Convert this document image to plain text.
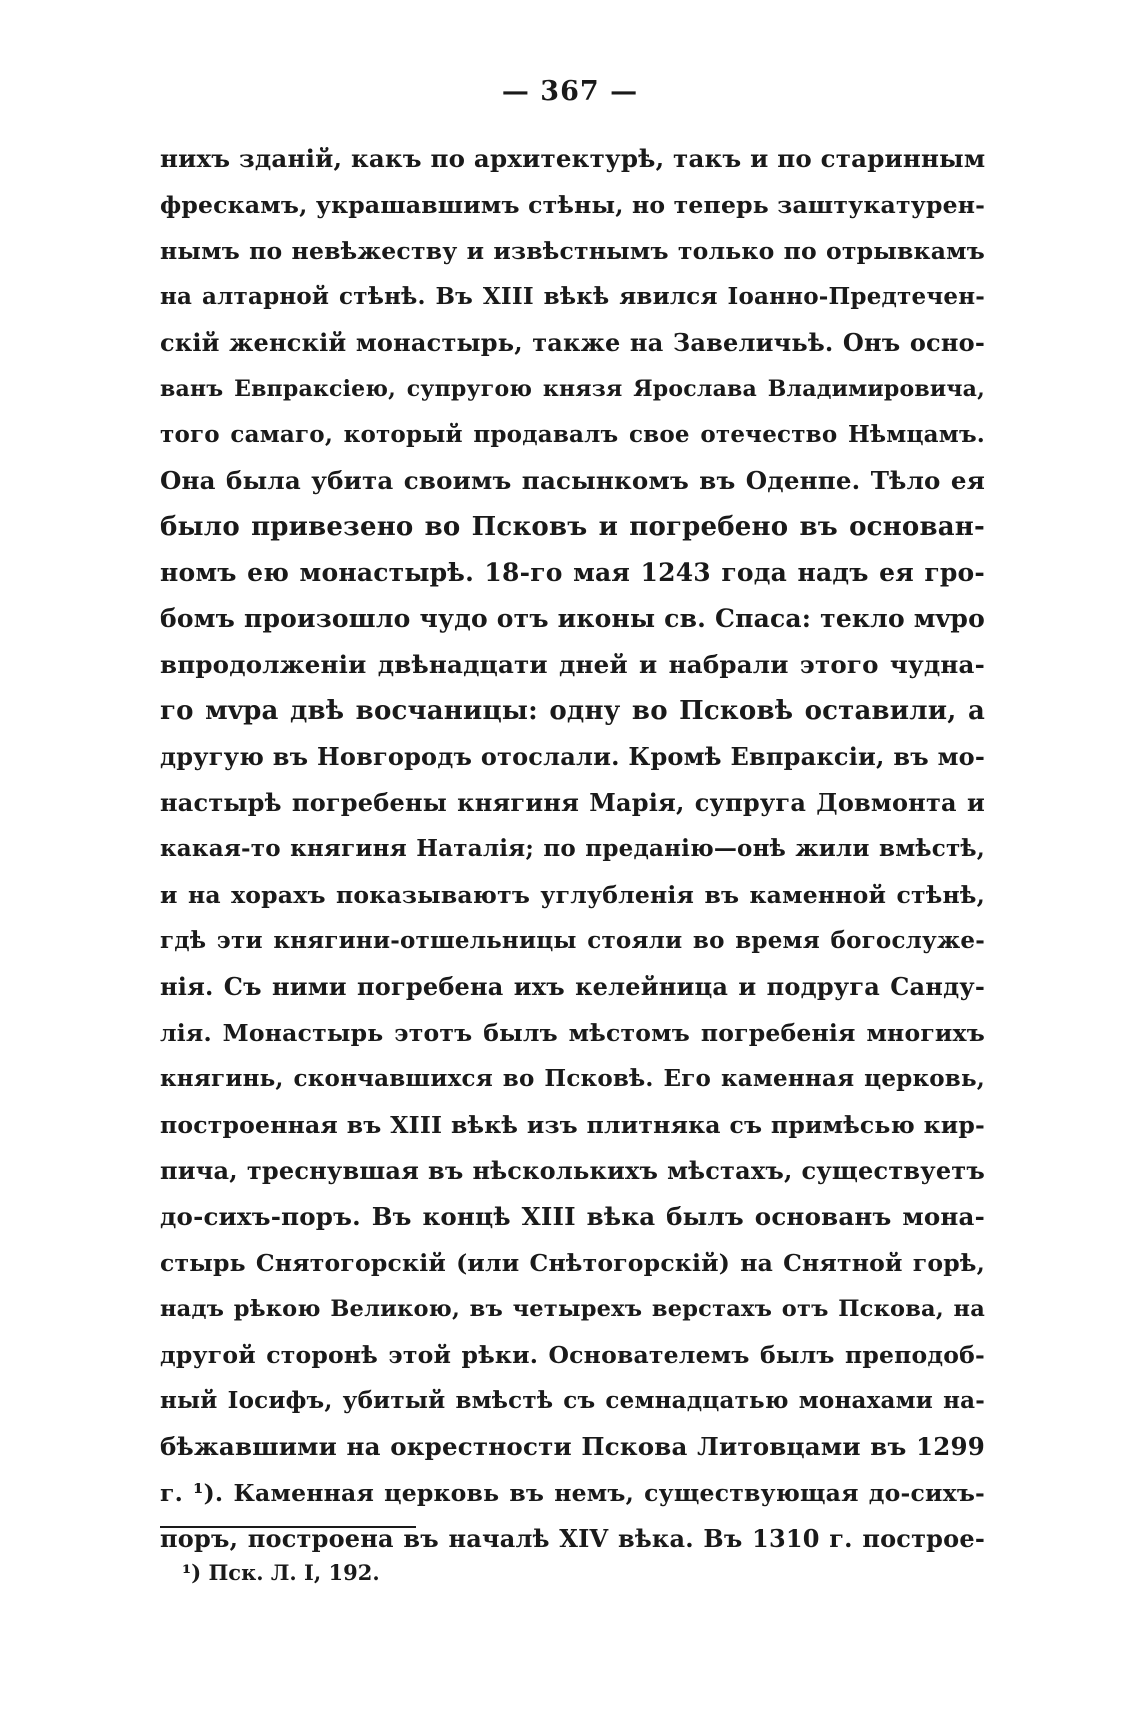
— 367 —
нихъ зданій, какъ по архитектурѣ, такъ и по старинным
фрескамъ, украшавшимъ стѣны, но теперь заштукатурен-
нымъ по невѣжеству и извѣстнымъ только по отрывкамъ
на алтарной стѣнѣ. Въ XIII вѣкѣ явился Іоанно-Предтечен-
скій женскій монастырь, также на Завеличьѣ. Онъ осно-
ванъ Евпраксіею, супругою князя Ярослава Владимировича,
того самаго, который продавалъ свое отечество Нѣмцамъ.
Она была убита своимъ пасынкомъ въ Оденпе. Тѣло ея
было привезено во Псковъ и погребено въ основан-
номъ ею монастырѣ. 18-го мая 1243 года надъ ея гро-
бомъ произошло чудо отъ иконы св. Спаса: текло мvро
впродолженіи двѣнадцати дней и набрали этого чудна-
го мvра двѣ восчаницы: одну во Псковѣ оставили, а
другую въ Новгородъ отослали. Кромѣ Евпраксіи, въ мо-
настырѣ погребены княгиня Марія, супруга Довмонта и
какая-то княгиня Наталія; по преданію—онѣ жили вмѣстѣ,
и на хорахъ показываютъ углубленія въ каменной стѣнѣ,
гдѣ эти княгини-отшельницы стояли во время богослуже-
нія. Съ ними погребена ихъ келейница и подруга Санду-
лія. Монастырь этотъ былъ мѣстомъ погребенія многихъ
княгинь, скончавшихся во Псковѣ. Его каменная церковь,
построенная въ XIII вѣкѣ изъ плитняка съ примѣсью кир-
пича, треснувшая въ нѣсколькихъ мѣстахъ, существуетъ
до-сихъ-поръ. Въ концѣ XIII вѣка былъ основанъ мона-
стырь Снятогорскій (или Снѣтогорскій) на Снятной горѣ,
надъ рѣкою Великою, въ четырехъ верстахъ отъ Пскова, на
другой сторонѣ этой рѣки. Основателемъ былъ преподоб-
ный Іосифъ, убитый вмѣстѣ съ семнадцатью монахами на-
бѣжавшими на окрестности Пскова Литовцами въ 1299
г. ¹). Каменная церковь въ немъ, существующая до-сихъ-
поръ, построена въ началѣ XIV вѣка. Въ 1310 г. построе-
¹) Пск. Л. I, 192.
